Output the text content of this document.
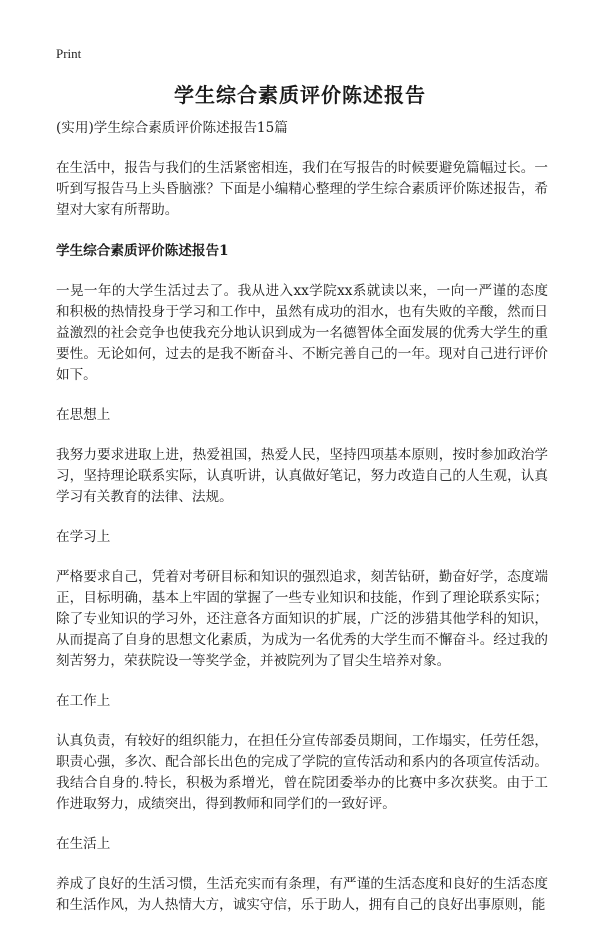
Print
学生综合素质评价陈述报告

(实用)学生综合素质评价陈述报告15篇

在生活中，报告与我们的生活紧密相连，我们在写报告的时候要避免篇幅过长。一听到写报告马上头昏脑涨？下面是小编精心整理的学生综合素质评价陈述报告，希望对大家有所帮助。

学生综合素质评价陈述报告1

一晃一年的大学生活过去了。我从进入xx学院xx系就读以来，一向一严谨的态度和积极的热情投身于学习和工作中，虽然有成功的泪水，也有失败的辛酸，然而日益激烈的社会竞争也使我充分地认识到成为一名德智体全面发展的优秀大学生的重要性。无论如何，过去的是我不断奋斗、不断完善自己的一年。现对自己进行评价如下。

在思想上

我努力要求进取上进，热爱祖国，热爱人民，坚持四项基本原则，按时参加政治学习，坚持理论联系实际，认真听讲，认真做好笔记，努力改造自己的人生观，认真学习有关教育的法律、法规。

在学习上

严格要求自己，凭着对考研目标和知识的强烈追求，刻苦钻研，勤奋好学，态度端正，目标明确，基本上牢固的掌握了一些专业知识和技能，作到了理论联系实际；除了专业知识的学习外，还注意各方面知识的扩展，广泛的涉猎其他学科的知识，从而提高了自身的思想文化素质，为成为一名优秀的大学生而不懈奋斗。经过我的刻苦努力，荣获院设一等奖学金，并被院列为了冒尖生培养对象。

在工作上

认真负责，有较好的组织能力，在担任分宣传部委员期间，工作塌实，任劳任怨，职责心强，多次、配合部长出色的完成了学院的宣传活动和系内的各项宣传活动。我结合自身的.特长，积极为系增光，曾在院团委举办的比赛中多次获奖。由于工作进取努力，成绩突出，得到教师和同学们的一致好评。

在生活上

养成了良好的生活习惯，生活充实而有条理，有严谨的生活态度和良好的生活态度和生活作风，为人热情大方，诚实守信，乐于助人，拥有自己的良好出事原则，能
